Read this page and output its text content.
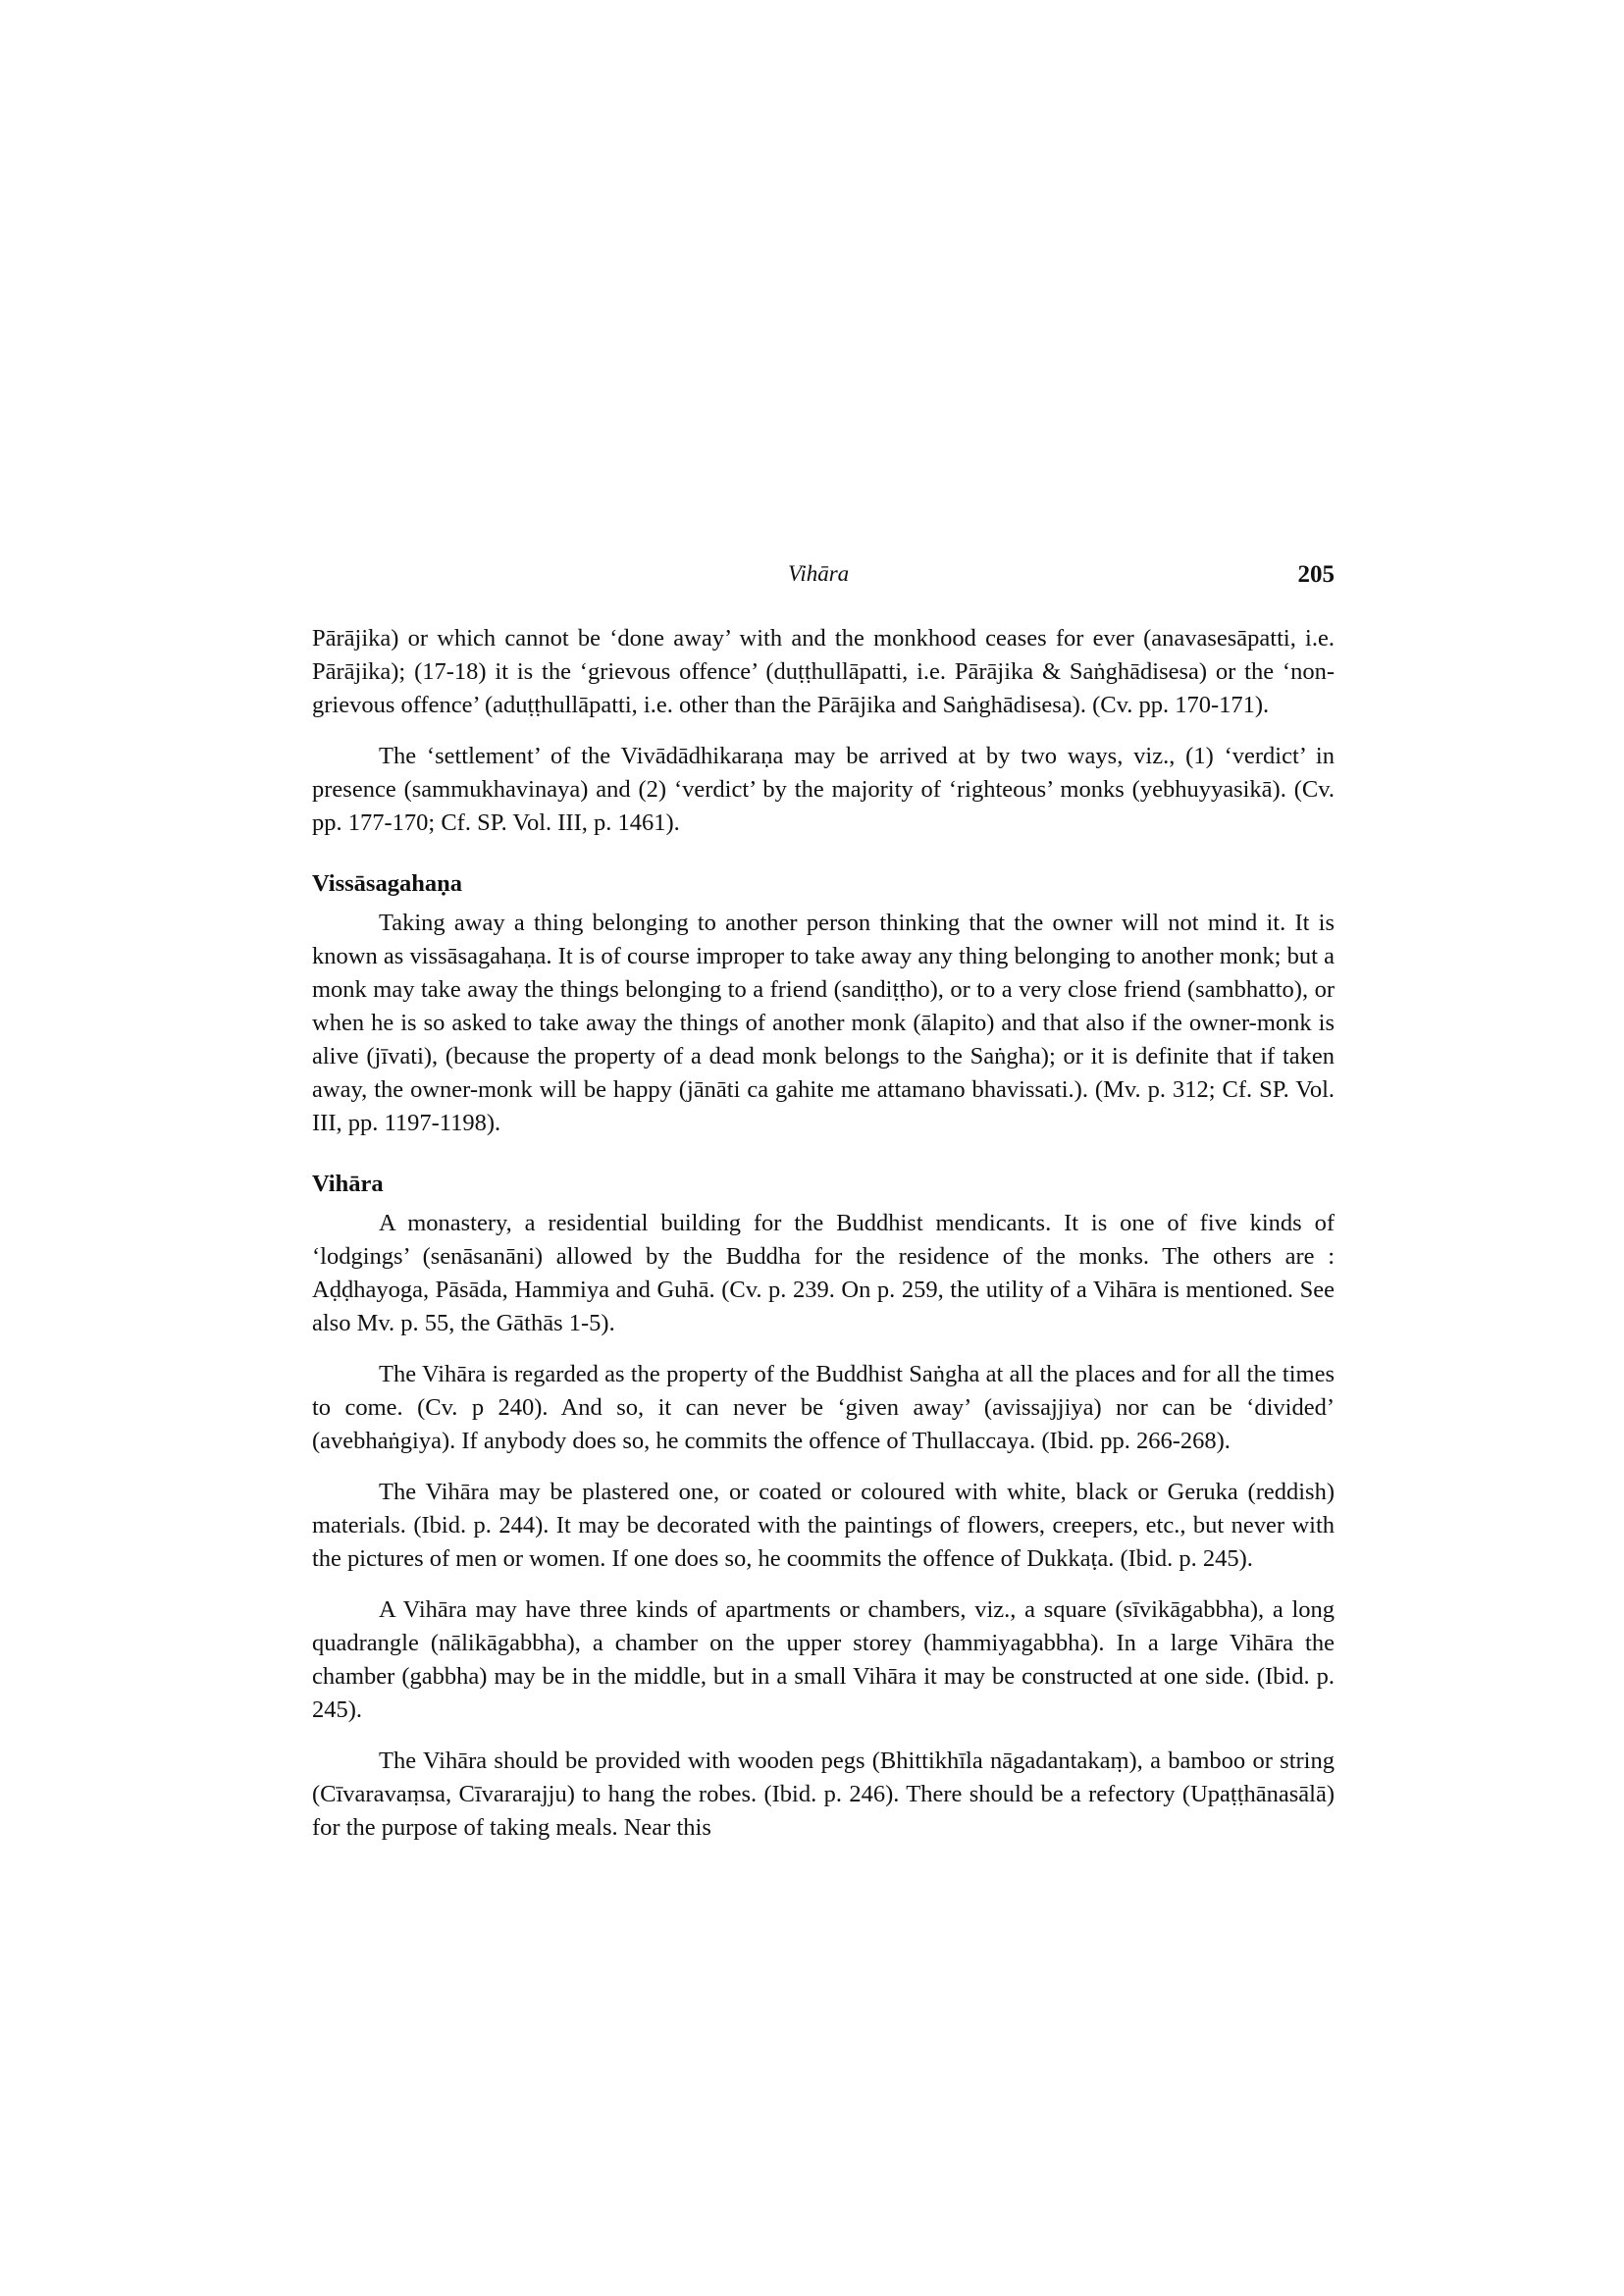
Vihāra	205

Pārājika) or which cannot be ‘done away’ with and the monkhood ceases for ever (anavasesāpatti, i.e. Pārājika); (17-18) it is the ‘grievous offence’ (duṭṭhullāpatti, i.e. Pārājika & Saṅghādisesa) or the ‘non-grievous offence’ (aduṭṭhullāpatti, i.e. other than the Pārājika and Saṅghādisesa). (Cv. pp. 170-171).

The ‘settlement’ of the Vivādādhikaraṇa may be arrived at by two ways, viz., (1) ‘verdict’ in presence (sammukhavinaya) and (2) ‘verdict’ by the majority of ‘righteous’ monks (yebhuyyasikā). (Cv. pp. 177-170; Cf. SP. Vol. III, p. 1461).

Vissāsagahaṇa

Taking away a thing belonging to another person thinking that the owner will not mind it. It is known as vissāsagahaṇa. It is of course improper to take away any thing belonging to another monk; but a monk may take away the things belonging to a friend (sandiṭṭho), or to a very close friend (sambhatto), or when he is so asked to take away the things of another monk (ālapito) and that also if the owner-monk is alive (jīvati), (because the property of a dead monk belongs to the Saṅgha); or it is definite that if taken away, the owner-monk will be happy (jānāti ca gahite me attamano bhavissati.). (Mv. p. 312; Cf. SP. Vol. III, pp. 1197-1198).

Vihāra

A monastery, a residential building for the Buddhist mendicants. It is one of five kinds of ‘lodgings’ (senāsanāni) allowed by the Buddha for the residence of the monks. The others are : Aḍḍhayoga, Pāsāda, Hammiya and Guhā. (Cv. p. 239. On p. 259, the utility of a Vihāra is mentioned. See also Mv. p. 55, the Gāthās 1-5).

The Vihāra is regarded as the property of the Buddhist Saṅgha at all the places and for all the times to come. (Cv. p 240). And so, it can never be ‘given away’ (avissajjiya) nor can be ‘divided’ (avebhaṅgiya). If anybody does so, he commits the offence of Thullaccaya. (Ibid. pp. 266-268).

The Vihāra may be plastered one, or coated or coloured with white, black or Geruka (reddish) materials. (Ibid. p. 244). It may be decorated with the paintings of flowers, creepers, etc., but never with the pictures of men or women. If one does so, he coommits the offence of Dukkaṭa. (Ibid. p. 245).

A Vihāra may have three kinds of apartments or chambers, viz., a square (sīvikāgabbha), a long quadrangle (nālikāgabbha), a chamber on the upper storey (hammiyagabbha). In a large Vihāra the chamber (gabbha) may be in the middle, but in a small Vihāra it may be constructed at one side. (Ibid. p. 245).

The Vihāra should be provided with wooden pegs (Bhittikhīla nāgadantakaṃ), a bamboo or string (Cīvaravaṃsa, Cīvararajju) to hang the robes. (Ibid. p. 246). There should be a refectory (Upaṭṭhānasālā) for the purpose of taking meals. Near this
